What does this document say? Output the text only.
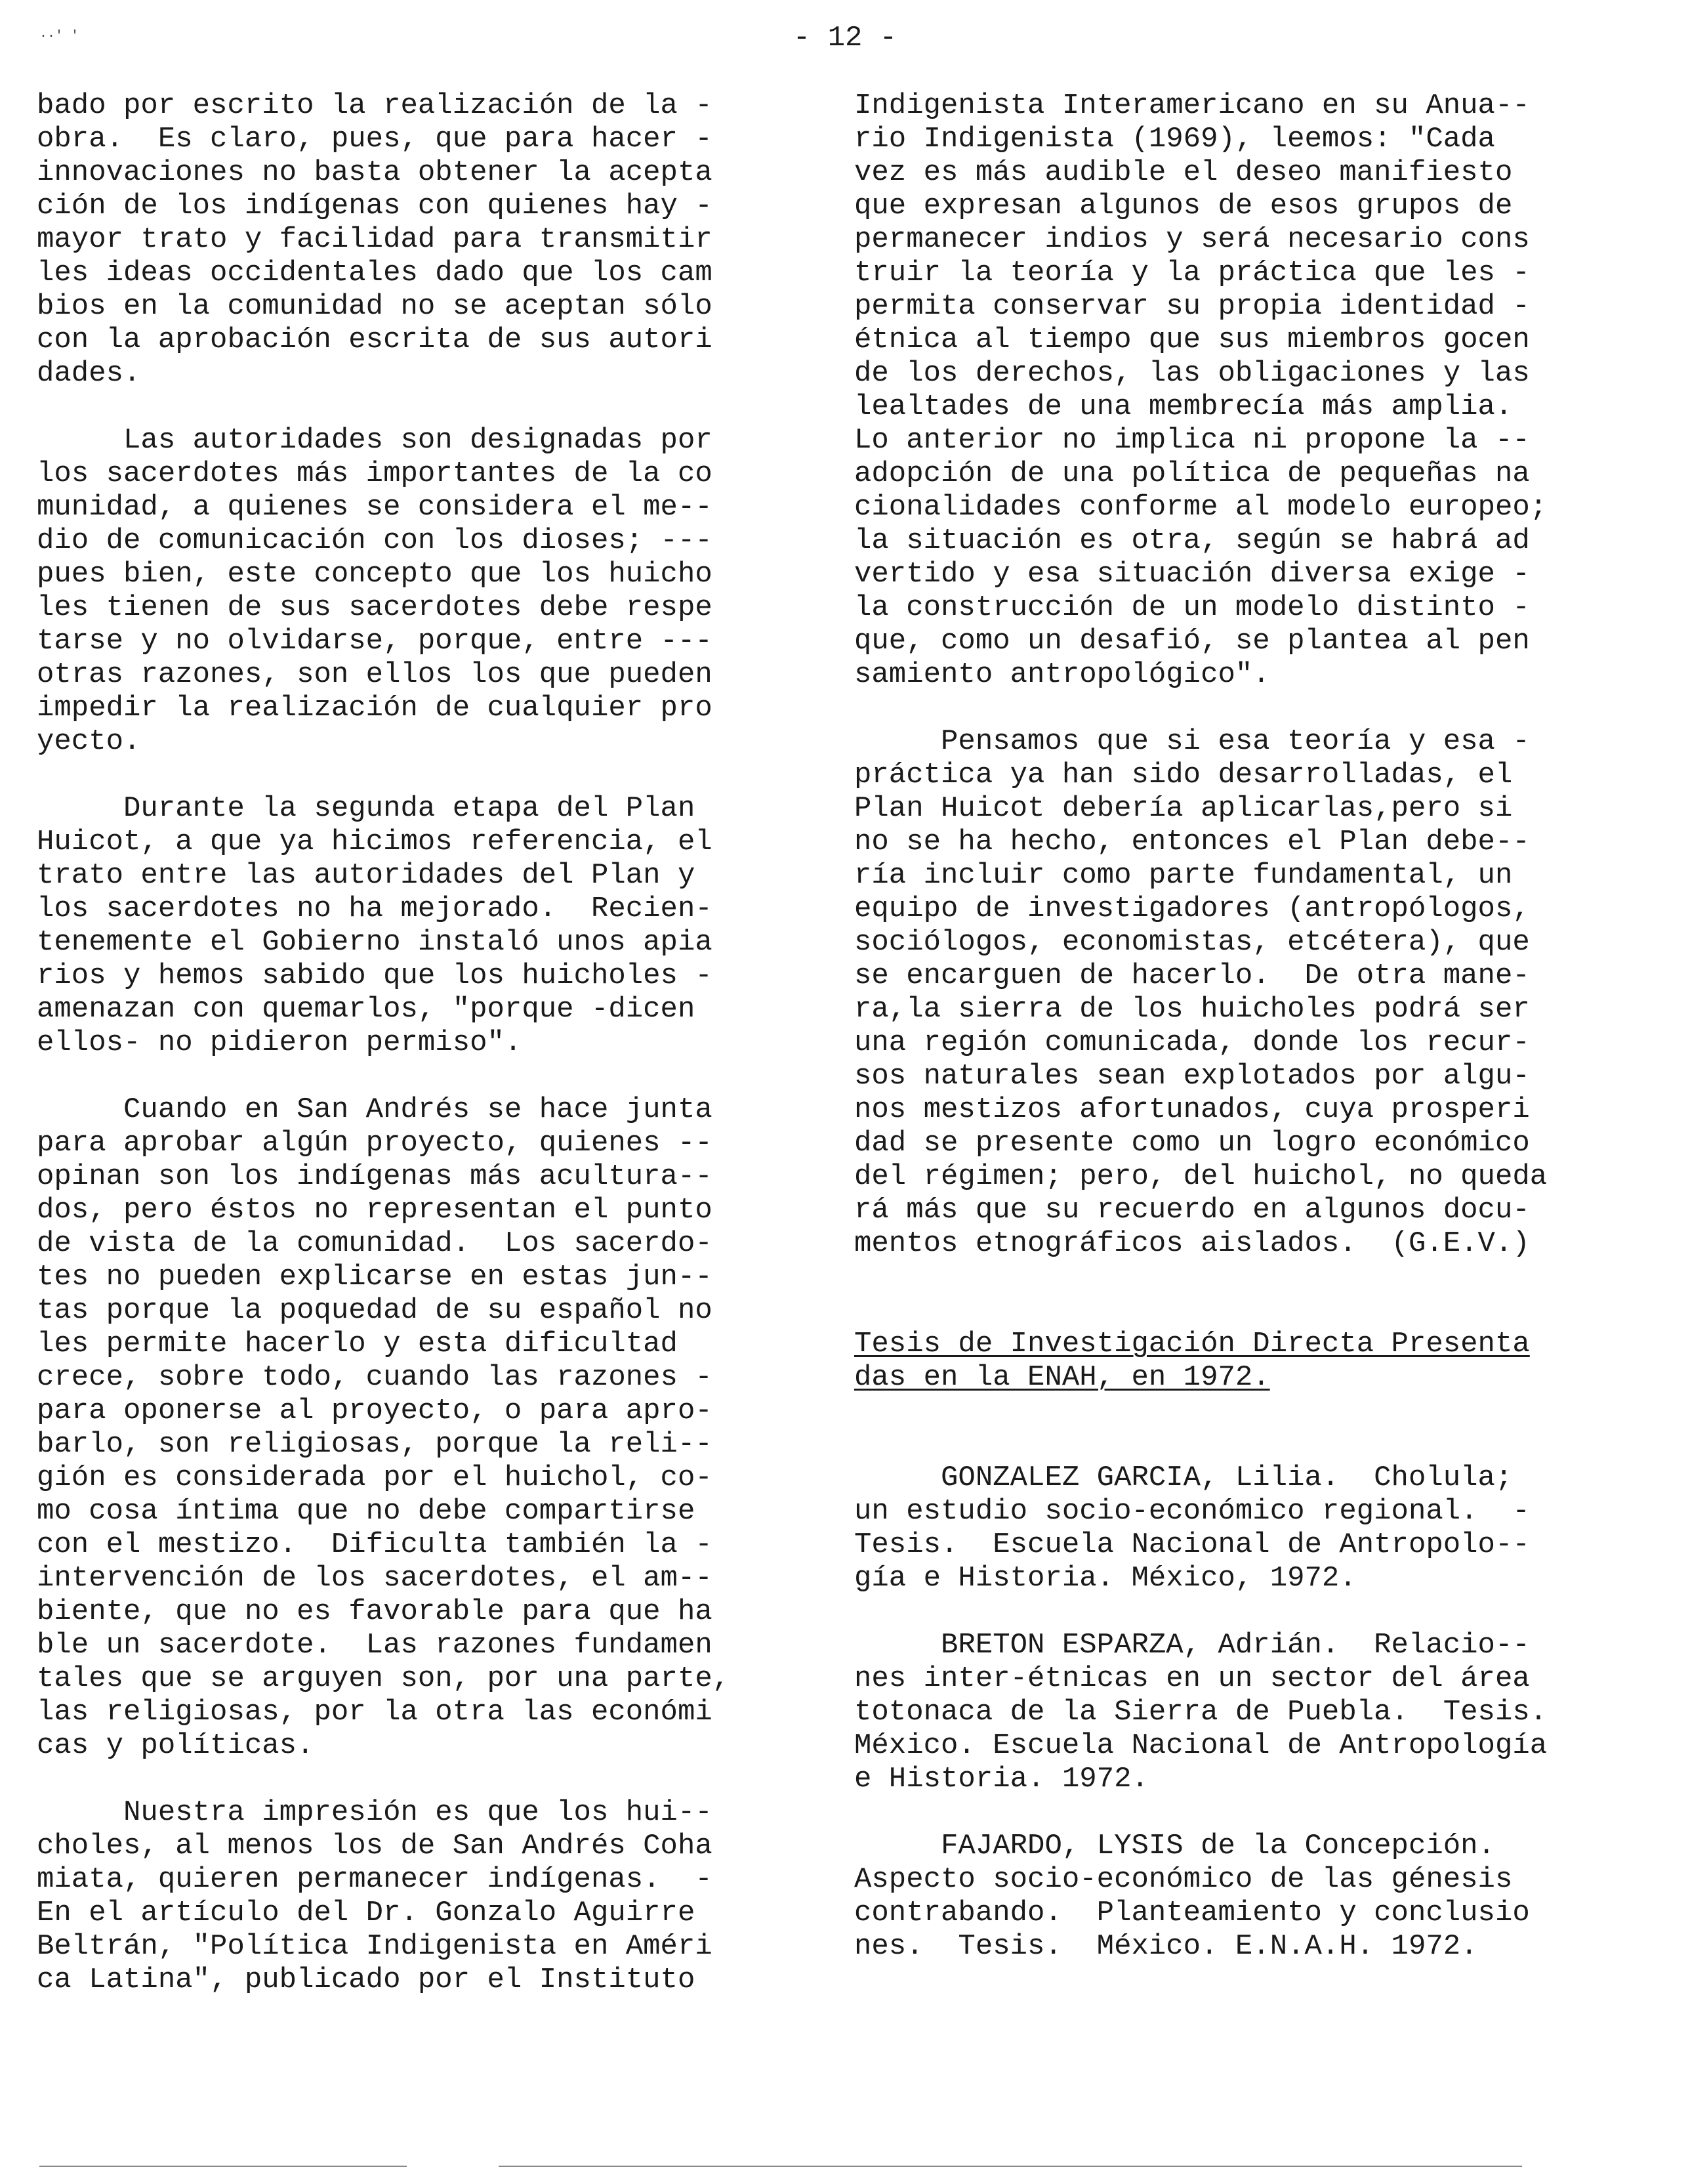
··' '	- 12 -
bado por escrito la realización de la -
obra.  Es claro, pues, que para hacer -
innovaciones no basta obtener la acepta
ción de los indígenas con quienes hay -
mayor trato y facilidad para transmitir
les ideas occidentales dado que los cam
bios en la comunidad no se aceptan sólo
con la aprobación escrita de sus autori
dades.
Las autoridades son designadas por
los sacerdotes más importantes de la co
munidad, a quienes se considera el me--
dio de comunicación con los dioses; ---
pues bien, este concepto que los huicho
les tienen de sus sacerdotes debe respe
tarse y no olvidarse, porque, entre ---
otras razones, son ellos los que pueden
impedir la realización de cualquier pro
yecto.
Durante la segunda etapa del Plan
Huicot, a que ya hicimos referencia, el
trato entre las autoridades del Plan y
los sacerdotes no ha mejorado.  Recien-
tenemente el Gobierno instaló unos apia
rios y hemos sabido que los huicholes -
amenazan con quemarlos, "porque -dicen
ellos- no pidieron permiso".
Cuando en San Andrés se hace junta
para aprobar algún proyecto, quienes --
opinan son los indígenas más acultura--
dos, pero éstos no representan el punto
de vista de la comunidad.  Los sacerdo-
tes no pueden explicarse en estas jun--
tas porque la poquedad de su español no
les permite hacerlo y esta dificultad
crece, sobre todo, cuando las razones -
para oponerse al proyecto, o para apro-
barlo, son religiosas, porque la reli--
gión es considerada por el huichol, co-
mo cosa íntima que no debe compartirse
con el mestizo.  Dificulta también la -
intervención de los sacerdotes, el am--
biente, que no es favorable para que ha
ble un sacerdote.  Las razones fundamen
tales que se arguyen son, por una parte,
las religiosas, por la otra las económi
cas y políticas.
Nuestra impresión es que los hui--
choles, al menos los de San Andrés Coha
miata, quieren permanecer indígenas.  -
En el artículo del Dr. Gonzalo Aguirre
Beltrán, "Política Indigenista en Améri
ca Latina", publicado por el Instituto
Indigenista Interamericano en su Anua--
rio Indigenista (1969), leemos: "Cada
vez es más audible el deseo manifiesto
que expresan algunos de esos grupos de
permanecer indios y será necesario cons
truir la teoría y la práctica que les -
permita conservar su propia identidad -
étnica al tiempo que sus miembros gocen
de los derechos, las obligaciones y las
lealtades de una membrecía más amplia.
Lo anterior no implica ni propone la --
adopción de una política de pequeñas na
cionalidades conforme al modelo europeo;
la situación es otra, según se habrá ad
vertido y esa situación diversa exige -
la construcción de un modelo distinto -
que, como un desafió, se plantea al pen
samiento antropológico".
Pensamos que si esa teoría y esa -
práctica ya han sido desarrolladas, el
Plan Huicot debería aplicarlas,pero si
no se ha hecho, entonces el Plan debe--
ría incluir como parte fundamental, un
equipo de investigadores (antropólogos,
sociólogos, economistas, etcétera), que
se encarguen de hacerlo.  De otra mane-
ra,la sierra de los huicholes podrá ser
una región comunicada, donde los recur-
sos naturales sean explotados por algu-
nos mestizos afortunados, cuya prosperi
dad se presente como un logro económico
del régimen; pero, del huichol, no queda
rá más que su recuerdo en algunos docu-
mentos etnográficos aislados.  (G.E.V.)
Tesis de Investigación Directa Presenta
das en la ENAH, en 1972.
GONZALEZ GARCIA, Lilia.  Cholula;
un estudio socio-económico regional.  -
Tesis.  Escuela Nacional de Antropolo--
gía e Historia. México, 1972.
BRETON ESPARZA, Adrián.  Relacio--
nes inter-étnicas en un sector del área
totonaca de la Sierra de Puebla.  Tesis.
México. Escuela Nacional de Antropología
e Historia. 1972.
FAJARDO, LYSIS de la Concepción.
Aspecto socio-económico de las génesis
contrabando.  Planteamiento y conclusio
nes.  Tesis.  México. E.N.A.H. 1972.
